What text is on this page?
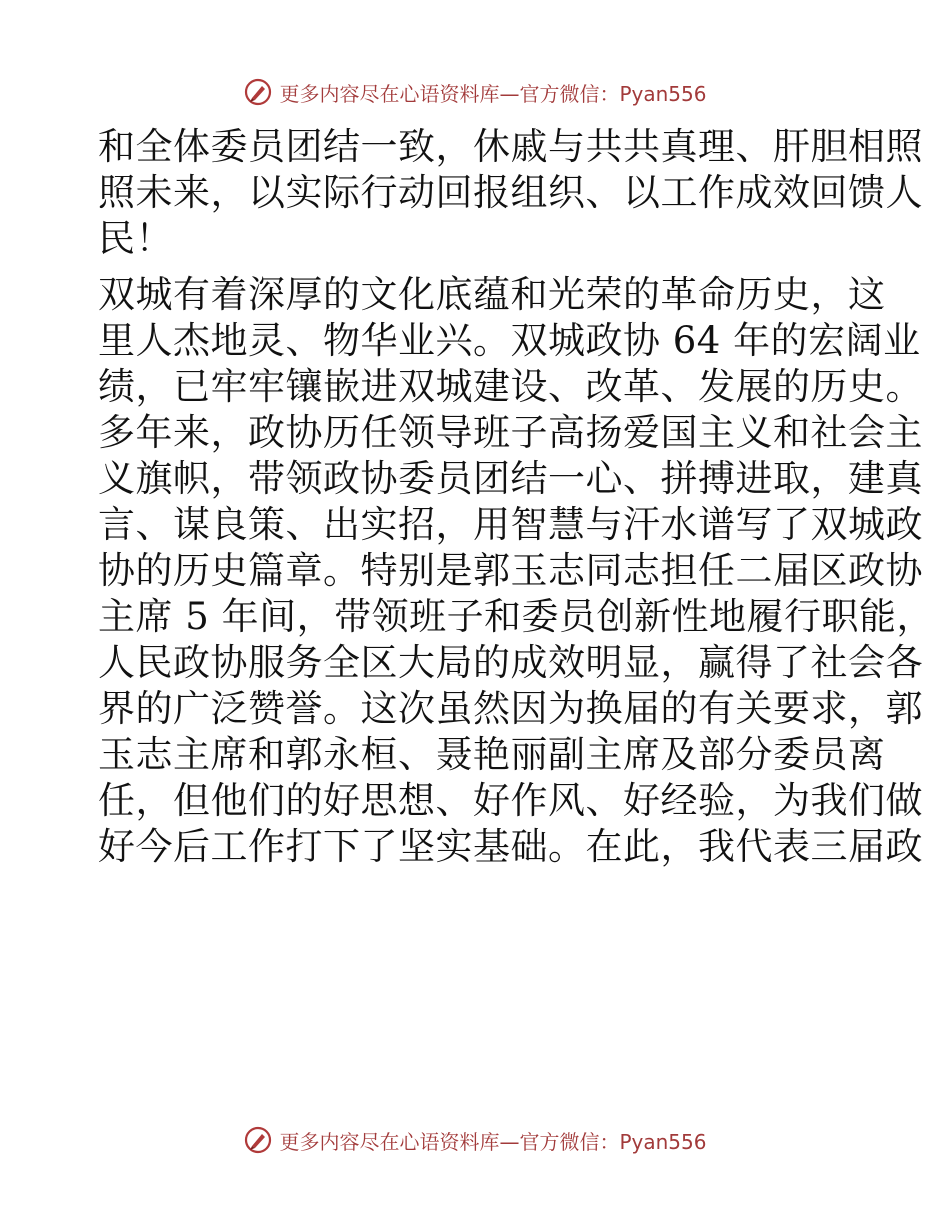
更多内容尽在心语资料库—官方微信：Pyan556

和全体委员团结一致，休戚与共共真理、肝胆相照
照未来，以实际行动回报组织、以工作成效回馈人
民！

双城有着深厚的文化底蕴和光荣的革命历史，这
里人杰地灵、物华业兴。双城政协 64 年的宏阔业
绩，已牢牢镶嵌进双城建设、改革、发展的历史。
多年来，政协历任领导班子高扬爱国主义和社会主
义旗帜，带领政协委员团结一心、拼搏进取，建真
言、谋良策、出实招，用智慧与汗水谱写了双城政
协的历史篇章。特别是郭玉志同志担任二届区政协
主席 5 年间，带领班子和委员创新性地履行职能，
人民政协服务全区大局的成效明显，赢得了社会各
界的广泛赞誉。这次虽然因为换届的有关要求，郭
玉志主席和郭永桓、聂艳丽副主席及部分委员离
任，但他们的好思想、好作风、好经验，为我们做
好今后工作打下了坚实基础。在此，我代表三届政

更多内容尽在心语资料库—官方微信：Pyan556
